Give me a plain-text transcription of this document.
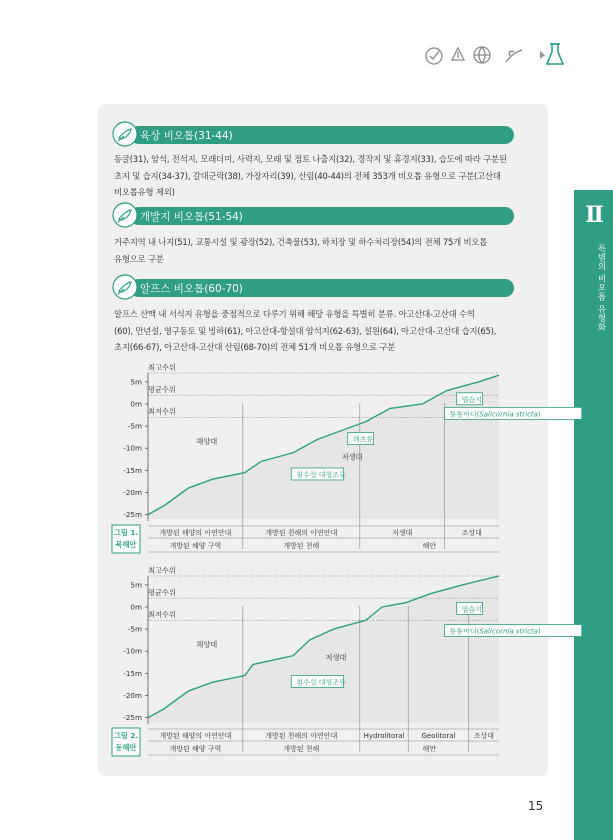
II
특별의 비오톱 유형화
육상 비오톱(31-44)
동굴(31), 암석, 전석지, 모래더미, 사력지, 모래 및 점토 나출지(32), 경작지 및 휴경지(33), 습도에 따라 구분된
초지 및 습지(34-37), 갈대군락(38), 가장자리(39), 산림(40-44)의 전체 353개 비오톱 유형으로 구분(고산대
비오톱유형 제외)
개발지 비오톱(51-54)
거주지역 내 나지(51), 교통시설 및 광장(52), 건축물(53), 하치장 및 하수처리장(54)의 전체 75개 비오톱
유형으로 구분
알프스 비오톱(60-70)
알프스 산맥 내 서식지 유형을 중점적으로 다루기 위해 해당 유형을 특별히 분류. 아고산대-고산대 수역
(60), 만년설, 영구동토 및 빙하(61), 아고산대-항설대 암석지(62-63), 설원(64), 아고산대-고산대 습지(65),
초지(66-67), 아고산대-고산대 산림(68-70)의 전체 51개 비오톱 유형으로 구분
최고수위
평균수위
최저수위
5m
0m
-5m
-10m
-15m
-20m
-25m
해양대
저생대
염습지
퉁퉁마디(Salicornia stricta)
해초류
침수성 대형조류
개방된 해양의 아연안대	개방된 천해의 아연안대	저생대	조상대
개방된 해양 구역	개방된 천해	해안
그림 1.
북해안
최고수위
평균수위
최저수위
5m
0m
-5m
-10m
-15m
-20m
-25m
해양대
저생대
염습지
퉁퉁마디(Salicornia stricta)
침수성 대형조류
개방된 해양의 아연안대	개방된 천해의 아연안대	Hydrolitoral Geolitoral	조상대
개방된 해양 구역	개방된 천해	해안
그림 2.
동해안
15
